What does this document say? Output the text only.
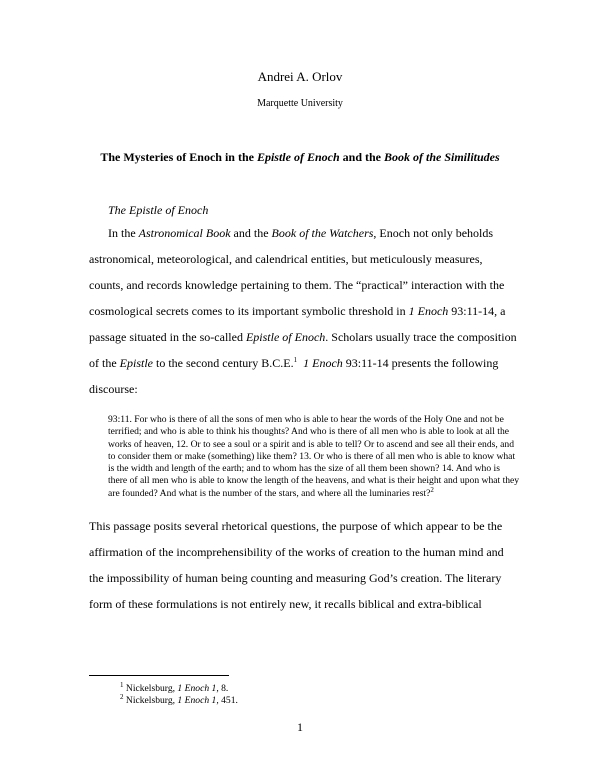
Andrei A. Orlov
Marquette University
The Mysteries of Enoch in the Epistle of Enoch and the Book of the Similitudes
The Epistle of Enoch
In the Astronomical Book and the Book of the Watchers, Enoch not only beholds astronomical, meteorological, and calendrical entities, but meticulously measures, counts, and records knowledge pertaining to them. The “practical” interaction with the cosmological secrets comes to its important symbolic threshold in 1 Enoch 93:11-14, a passage situated in the so-called Epistle of Enoch. Scholars usually trace the composition of the Epistle to the second century B.C.E.$^1$ 1 Enoch 93:11-14 presents the following discourse:
93:11. For who is there of all the sons of men who is able to hear the words of the Holy One and not be terrified; and who is able to think his thoughts? And who is there of all men who is able to look at all the works of heaven, 12. Or to see a soul or a spirit and is able to tell? Or to ascend and see all their ends, and to consider them or make (something) like them? 13. Or who is there of all men who is able to know what is the width and length of the earth; and to whom has the size of all them been shown? 14. And who is there of all men who is able to know the length of the heavens, and what is their height and upon what they are founded? And what is the number of the stars, and where all the luminaries rest?$^2$
This passage posits several rhetorical questions, the purpose of which appear to be the affirmation of the incomprehensibility of the works of creation to the human mind and the impossibility of human being counting and measuring God’s creation. The literary form of these formulations is not entirely new, it recalls biblical and extra-biblical
$^1$ Nickelsburg, 1 Enoch 1, 8.
$^2$ Nickelsburg, 1 Enoch 1, 451.
1
